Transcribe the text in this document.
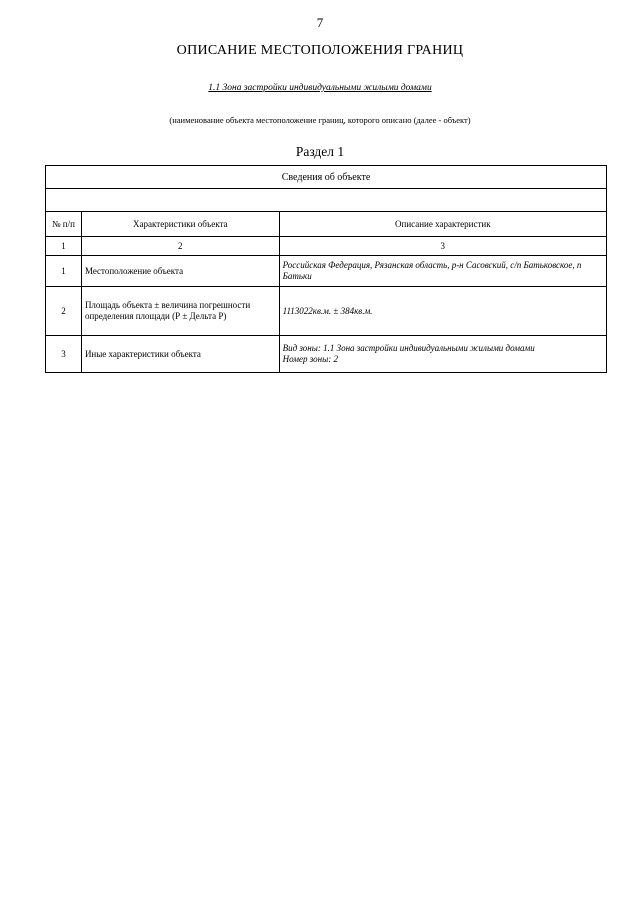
7
ОПИСАНИЕ МЕСТОПОЛОЖЕНИЯ ГРАНИЦ
1.1 Зона застройки индивидуальными жилыми домами
(наименование объекта местоположение границ, которого описано (далее - объект)
Раздел 1
Сведения об объекте		

№ п/п	Характеристики объекта	Описание характеристик
1	2	3
1	Местоположение объекта	Российская Федерация, Рязанская область, р-н Сасовский, с/п Батьковское, п Батьки
2	Площадь объекта ± величина погрешности определения площади (Р ± Дельта Р)	1113022кв.м. ± 384кв.м.
3	Иные характеристики объекта	Вид зоны: 1.1 Зона застройки индивидуальными жилыми домами
Номер зоны: 2
